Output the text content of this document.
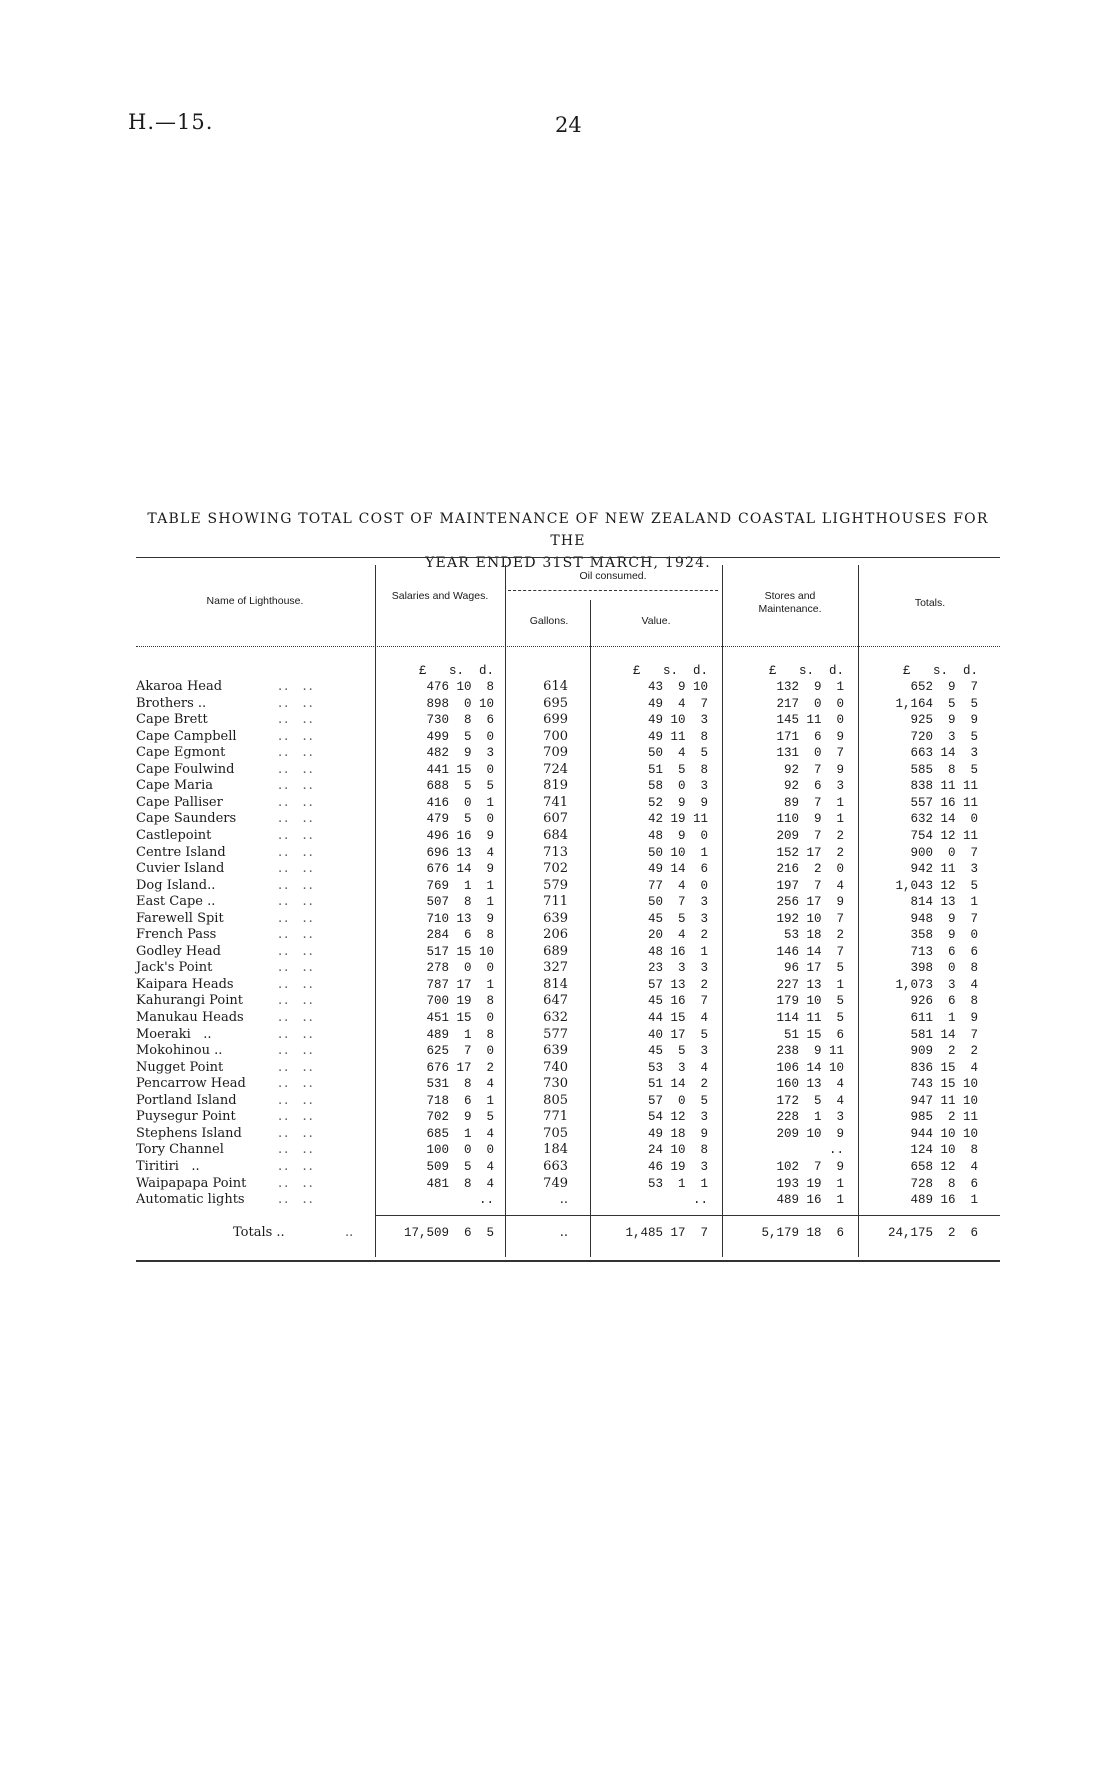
H.—15.	24
TABLE SHOWING TOTAL COST OF MAINTENANCE OF NEW ZEALAND COASTAL LIGHTHOUSES FOR THE
YEAR ENDED 31ST MARCH, 1924.
Name of Lighthouse.	Salaries and Wages.
Oil consumed.
Gallons.	Value.
Stores and Maintenance.	Totals.
£   s.  d.	£   s.  d.	£   s.  d.	£   s.  d.
Akaroa Head	..  ..	476 10  8	614	43  9 10	132  9  1	652  9  7
Brothers ..	..  ..	898  0 10	695	49  4  7	217  0  0	1,164  5  5
Cape Brett	..  ..	730  8  6	699	49 10  3	145 11  0	925  9  9
Cape Campbell	..  ..	499  5  0	700	49 11  8	171  6  9	720  3  5
Cape Egmont	..  ..	482  9  3	709	50  4  5	131  0  7	663 14  3
Cape Foulwind	..  ..	441 15  0	724	51  5  8	92  7  9	585  8  5
Cape Maria	..  ..	688  5  5	819	58  0  3	92  6  3	838 11 11
Cape Palliser	..  ..	416  0  1	741	52  9  9	89  7  1	557 16 11
Cape Saunders	..  ..	479  5  0	607	42 19 11	110  9  1	632 14  0
Castlepoint	..  ..	496 16  9	684	48  9  0	209  7  2	754 12 11
Centre Island	..  ..	696 13  4	713	50 10  1	152 17  2	900  0  7
Cuvier Island	..  ..	676 14  9	702	49 14  6	216  2  0	942 11  3
Dog Island..	..  ..	769  1  1	579	77  4  0	197  7  4	1,043 12  5
East Cape ..	..  ..	507  8  1	711	50  7  3	256 17  9	814 13  1
Farewell Spit	..  ..	710 13  9	639	45  5  3	192 10  7	948  9  7
French Pass	..  ..	284  6  8	206	20  4  2	53 18  2	358  9  0
Godley Head	..  ..	517 15 10	689	48 16  1	146 14  7	713  6  6
Jack's Point	..  ..	278  0  0	327	23  3  3	96 17  5	398  0  8
Kaipara Heads	..  ..	787 17  1	814	57 13  2	227 13  1	1,073  3  4
Kahurangi Point	..  ..	700 19  8	647	45 16  7	179 10  5	926  6  8
Manukau Heads	..  ..	451 15  0	632	44 15  4	114 11  5	611  1  9
Moeraki   ..	..  ..	489  1  8	577	40 17  5	51 15  6	581 14  7
Mokohinou ..	..  ..	625  7  0	639	45  5  3	238  9 11	909  2  2
Nugget Point	..  ..	676 17  2	740	53  3  4	106 14 10	836 15  4
Pencarrow Head ..  ..	531  8  4	730	51 14  2	160 13  4	743 15 10
Portland Island	..  ..	718  6  1	805	57  0  5	172  5  4	947 11 10
Puysegur Point	..  ..	702  9  5	771	54 12  3	228  1  3	985  2 11
Stephens Island	..  ..	685  1  4	705	49 18  9	209 10  9	944 10 10
Tory Channel	..  ..	100  0  0	184	24 10  8	..	124 10  8
Tiritiri   ..	..  ..	509  5  4	663	46 19  3	102  7  9	658 12  4
Waipapapa Point ..  ..	481  8  4	749	53  1  1	193 19  1	728  8  6
Automatic lights	..  ..	..	..	..	489 16  1	489 16  1
Totals ..	..	17,509  6  5	..	1,485 17  7	5,179 18  6	24,175  2  6
